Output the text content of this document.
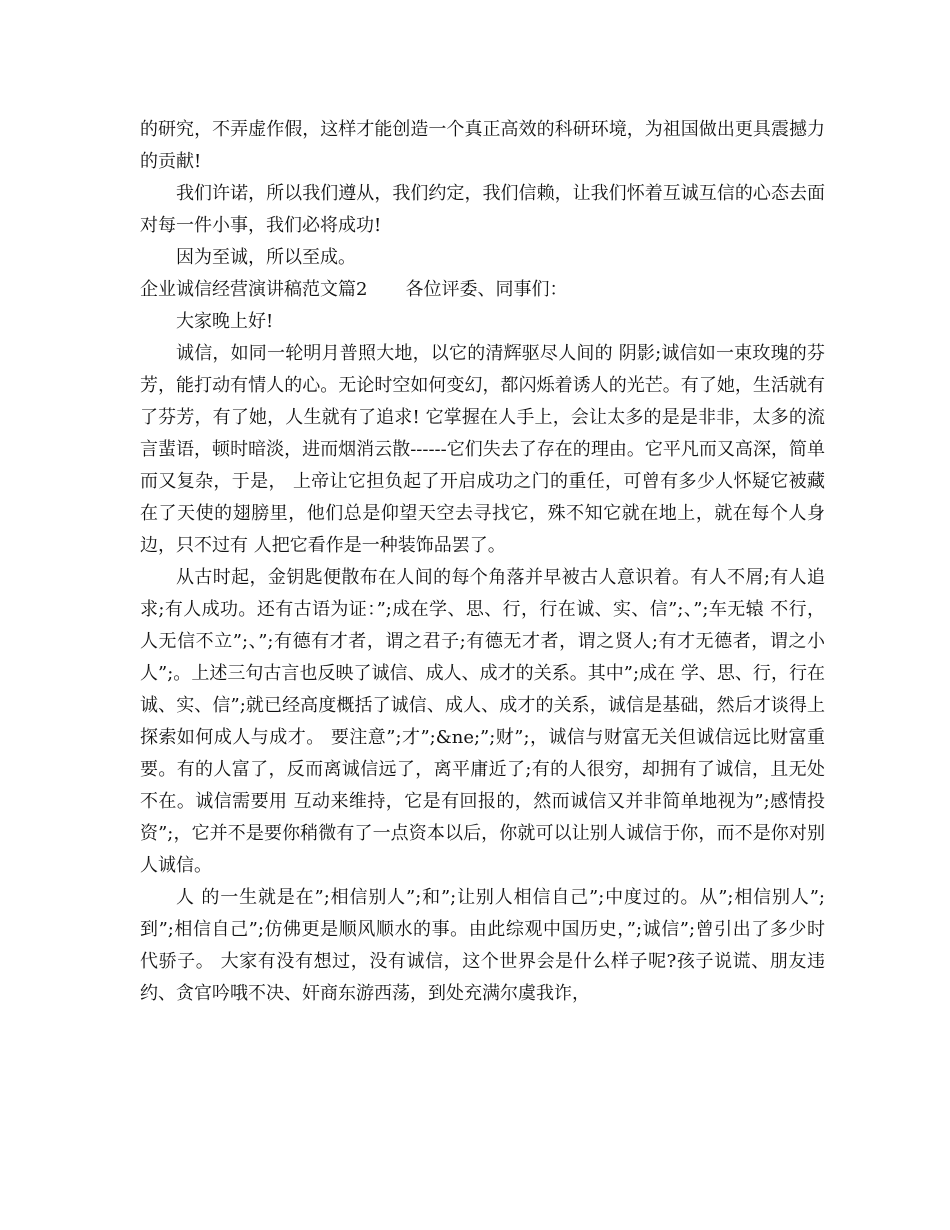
的研究，不弄虚作假，这样才能创造一个真正高效的科研环境，为祖国做出更具震撼力的贡献!

我们许诺，所以我们遵从，我们约定，我们信赖，让我们怀着互诚互信的心态去面对每一件小事，我们必将成功!

因为至诚，所以至成。

企业诚信经营演讲稿范文篇2 各位评委、同事们：

大家晚上好!

诚信，如同一轮明月普照大地，以它的清辉驱尽人间的 阴影;诚信如一束玫瑰的芬芳，能打动有情人的心。无论时空如何变幻，都闪烁着诱人的光芒。有了她，生活就有了芬芳，有了她，人生就有了追求! 它掌握在人手上，会让太多的是是非非，太多的流言蜚语，顿时暗淡，进而烟消云散------它们失去了存在的理由。它平凡而又高深，简单而又复杂，于是， 上帝让它担负起了开启成功之门的重任，可曾有多少人怀疑它被藏在了天使的翅膀里，他们总是仰望天空去寻找它，殊不知它就在地上，就在每个人身边，只不过有 人把它看作是一种装饰品罢了。

从古时起，金钥匙便散布在人间的每个角落并早被古人意识着。有人不屑;有人追求;有人成功。还有古语为证：”;成在学、思、行，行在诚、实、信”;、”;车无辕 不行，人无信不立”;、”;有德有才者，谓之君子;有德无才者，谓之贤人;有才无德者，谓之小人”;。上述三句古言也反映了诚信、成人、成才的关系。其中”;成在 学、思、行，行在诚、实、信”;就已经高度概括了诚信、成人、成才的关系，诚信是基础，然后才谈得上探索如何成人与成才。 要注意”;才”;&ne;”;财”;，诚信与财富无关但诚信远比财富重要。有的人富了，反而离诚信远了，离平庸近了;有的人很穷，却拥有了诚信，且无处不在。诚信需要用 互动来维持，它是有回报的，然而诚信又并非简单地视为”;感情投资”;，它并不是要你稍微有了一点资本以后，你就可以让别人诚信于你，而不是你对别人诚信。

人 的一生就是在”;相信别人”;和”;让别人相信自己”;中度过的。从”;相信别人”;到”;相信自己”;仿佛更是顺风顺水的事。由此综观中国历史，”;诚信”;曾引出了多少时 代骄子。 大家有没有想过，没有诚信，这个世界会是什么样子呢?孩子说谎、朋友违约、贪官吟哦不决、奸商东游西荡，到处充满尔虞我诈，
